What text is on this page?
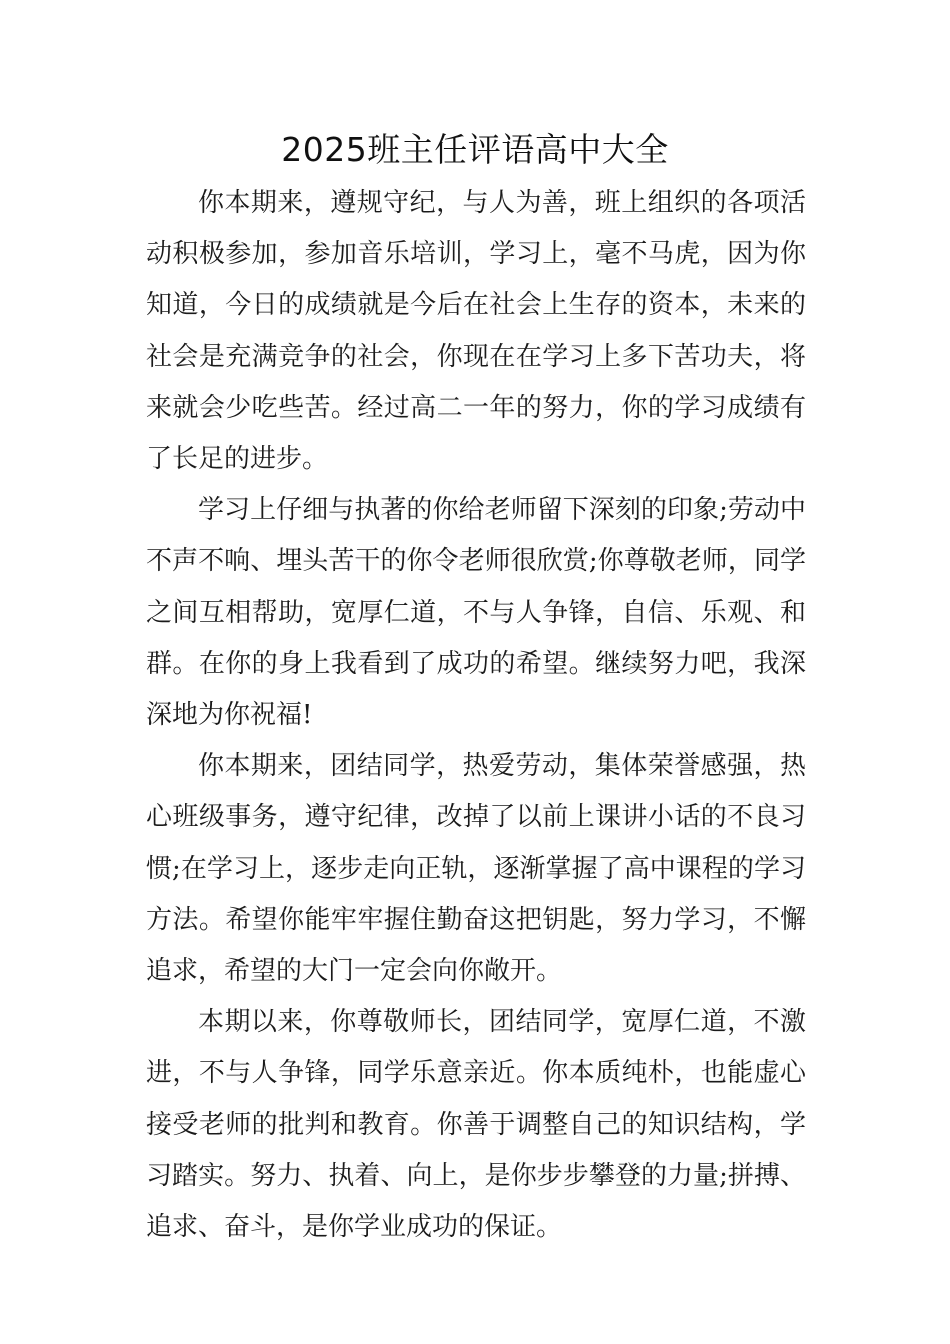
2025班主任评语高中大全

你本期来，遵规守纪，与人为善，班上组织的各项活动积极参加，参加音乐培训，学习上，毫不马虎，因为你知道，今日的成绩就是今后在社会上生存的资本，未来的社会是充满竞争的社会，你现在在学习上多下苦功夫，将来就会少吃些苦。经过高二一年的努力，你的学习成绩有了长足的进步。

学习上仔细与执著的你给老师留下深刻的印象;劳动中不声不响、埋头苦干的你令老师很欣赏;你尊敬老师，同学之间互相帮助，宽厚仁道，不与人争锋，自信、乐观、和群。在你的身上我看到了成功的希望。继续努力吧，我深深地为你祝福!

你本期来，团结同学，热爱劳动，集体荣誉感强，热心班级事务，遵守纪律，改掉了以前上课讲小话的不良习惯;在学习上，逐步走向正轨，逐渐掌握了高中课程的学习方法。希望你能牢牢握住勤奋这把钥匙，努力学习，不懈追求，希望的大门一定会向你敞开。

本期以来，你尊敬师长，团结同学，宽厚仁道，不激进，不与人争锋，同学乐意亲近。你本质纯朴，也能虚心接受老师的批判和教育。你善于调整自己的知识结构，学习踏实。努力、执着、向上，是你步步攀登的力量;拼搏、追求、奋斗，是你学业成功的保证。
